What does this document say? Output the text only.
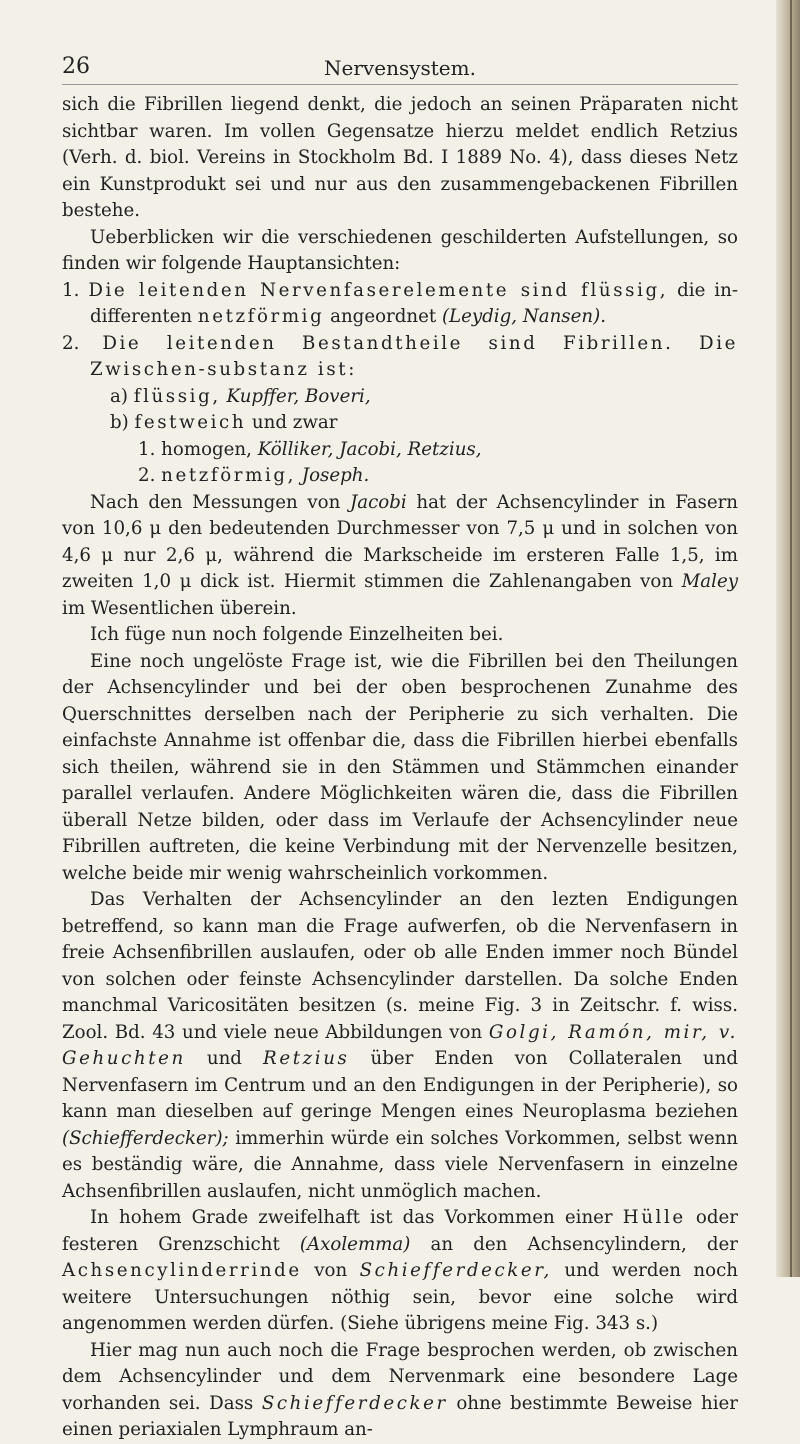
26	Nervensystem.

sich die Fibrillen liegend denkt, die jedoch an seinen Präparaten nicht sichtbar waren. Im vollen Gegensatze hierzu meldet endlich Retzius (Verh. d. biol. Vereins in Stockholm Bd. I 1889 No. 4), dass dieses Netz ein Kunstprodukt sei und nur aus den zusammengebackenen Fibrillen bestehe.

Ueberblicken wir die verschiedenen geschilderten Aufstellungen, so finden wir folgende Hauptansichten:

1. Die leitenden Nervenfaserelemente sind flüssig, die in-differenten netzförmig angeordnet (Leydig, Nansen).

2. Die leitenden Bestandtheile sind Fibrillen. Die Zwischen-substanz ist:

a) flüssig, Kupffer, Boveri,

b) festweich und zwar

1. homogen, Kölliker, Jacobi, Retzius,

2. netzförmig, Joseph.

Nach den Messungen von Jacobi hat der Achsencylinder in Fasern von 10,6 μ den bedeutenden Durchmesser von 7,5 μ und in solchen von 4,6 μ nur 2,6 μ, während die Markscheide im ersteren Falle 1,5, im zweiten 1,0 μ dick ist. Hiermit stimmen die Zahlenangaben von Maley im Wesentlichen überein.

Ich füge nun noch folgende Einzelheiten bei.

Eine noch ungelöste Frage ist, wie die Fibrillen bei den Theilungen der Achsencylinder und bei der oben besprochenen Zunahme des Querschnittes derselben nach der Peripherie zu sich verhalten. Die einfachste Annahme ist offenbar die, dass die Fibrillen hierbei ebenfalls sich theilen, während sie in den Stämmen und Stämmchen einander parallel verlaufen. Andere Möglichkeiten wären die, dass die Fibrillen überall Netze bilden, oder dass im Verlaufe der Achsencylinder neue Fibrillen auftreten, die keine Verbindung mit der Nervenzelle besitzen, welche beide mir wenig wahrscheinlich vorkommen.

Das Verhalten der Achsencylinder an den lezten Endigungen betreffend, so kann man die Frage aufwerfen, ob die Nervenfasern in freie Achsenfibrillen auslaufen, oder ob alle Enden immer noch Bündel von solchen oder feinste Achsencylinder darstellen. Da solche Enden manchmal Varicositäten besitzen (s. meine Fig. 3 in Zeitschr. f. wiss. Zool. Bd. 43 und viele neue Abbildungen von Golgi, Ramón, mir, v. Gehuchten und Retzius über Enden von Collateralen und Nervenfasern im Centrum und an den Endigungen in der Peripherie), so kann man dieselben auf geringe Mengen eines Neuroplasma beziehen (Schiefferdecker); immerhin würde ein solches Vorkommen, selbst wenn es beständig wäre, die Annahme, dass viele Nervenfasern in einzelne Achsenfibrillen auslaufen, nicht unmöglich machen.

In hohem Grade zweifelhaft ist das Vorkommen einer Hülle oder festeren Grenzschicht (Axolemma) an den Achsencylindern, der Achsencylinderrinde von Schiefferdecker, und werden noch weitere Untersuchungen nöthig sein, bevor eine solche wird angenommen werden dürfen. (Siehe übrigens meine Fig. 343 s.)

Hier mag nun auch noch die Frage besprochen werden, ob zwischen dem Achsencylinder und dem Nervenmark eine besondere Lage vorhanden sei. Dass Schiefferdecker ohne bestimmte Beweise hier einen periaxialen Lymphraum an-
